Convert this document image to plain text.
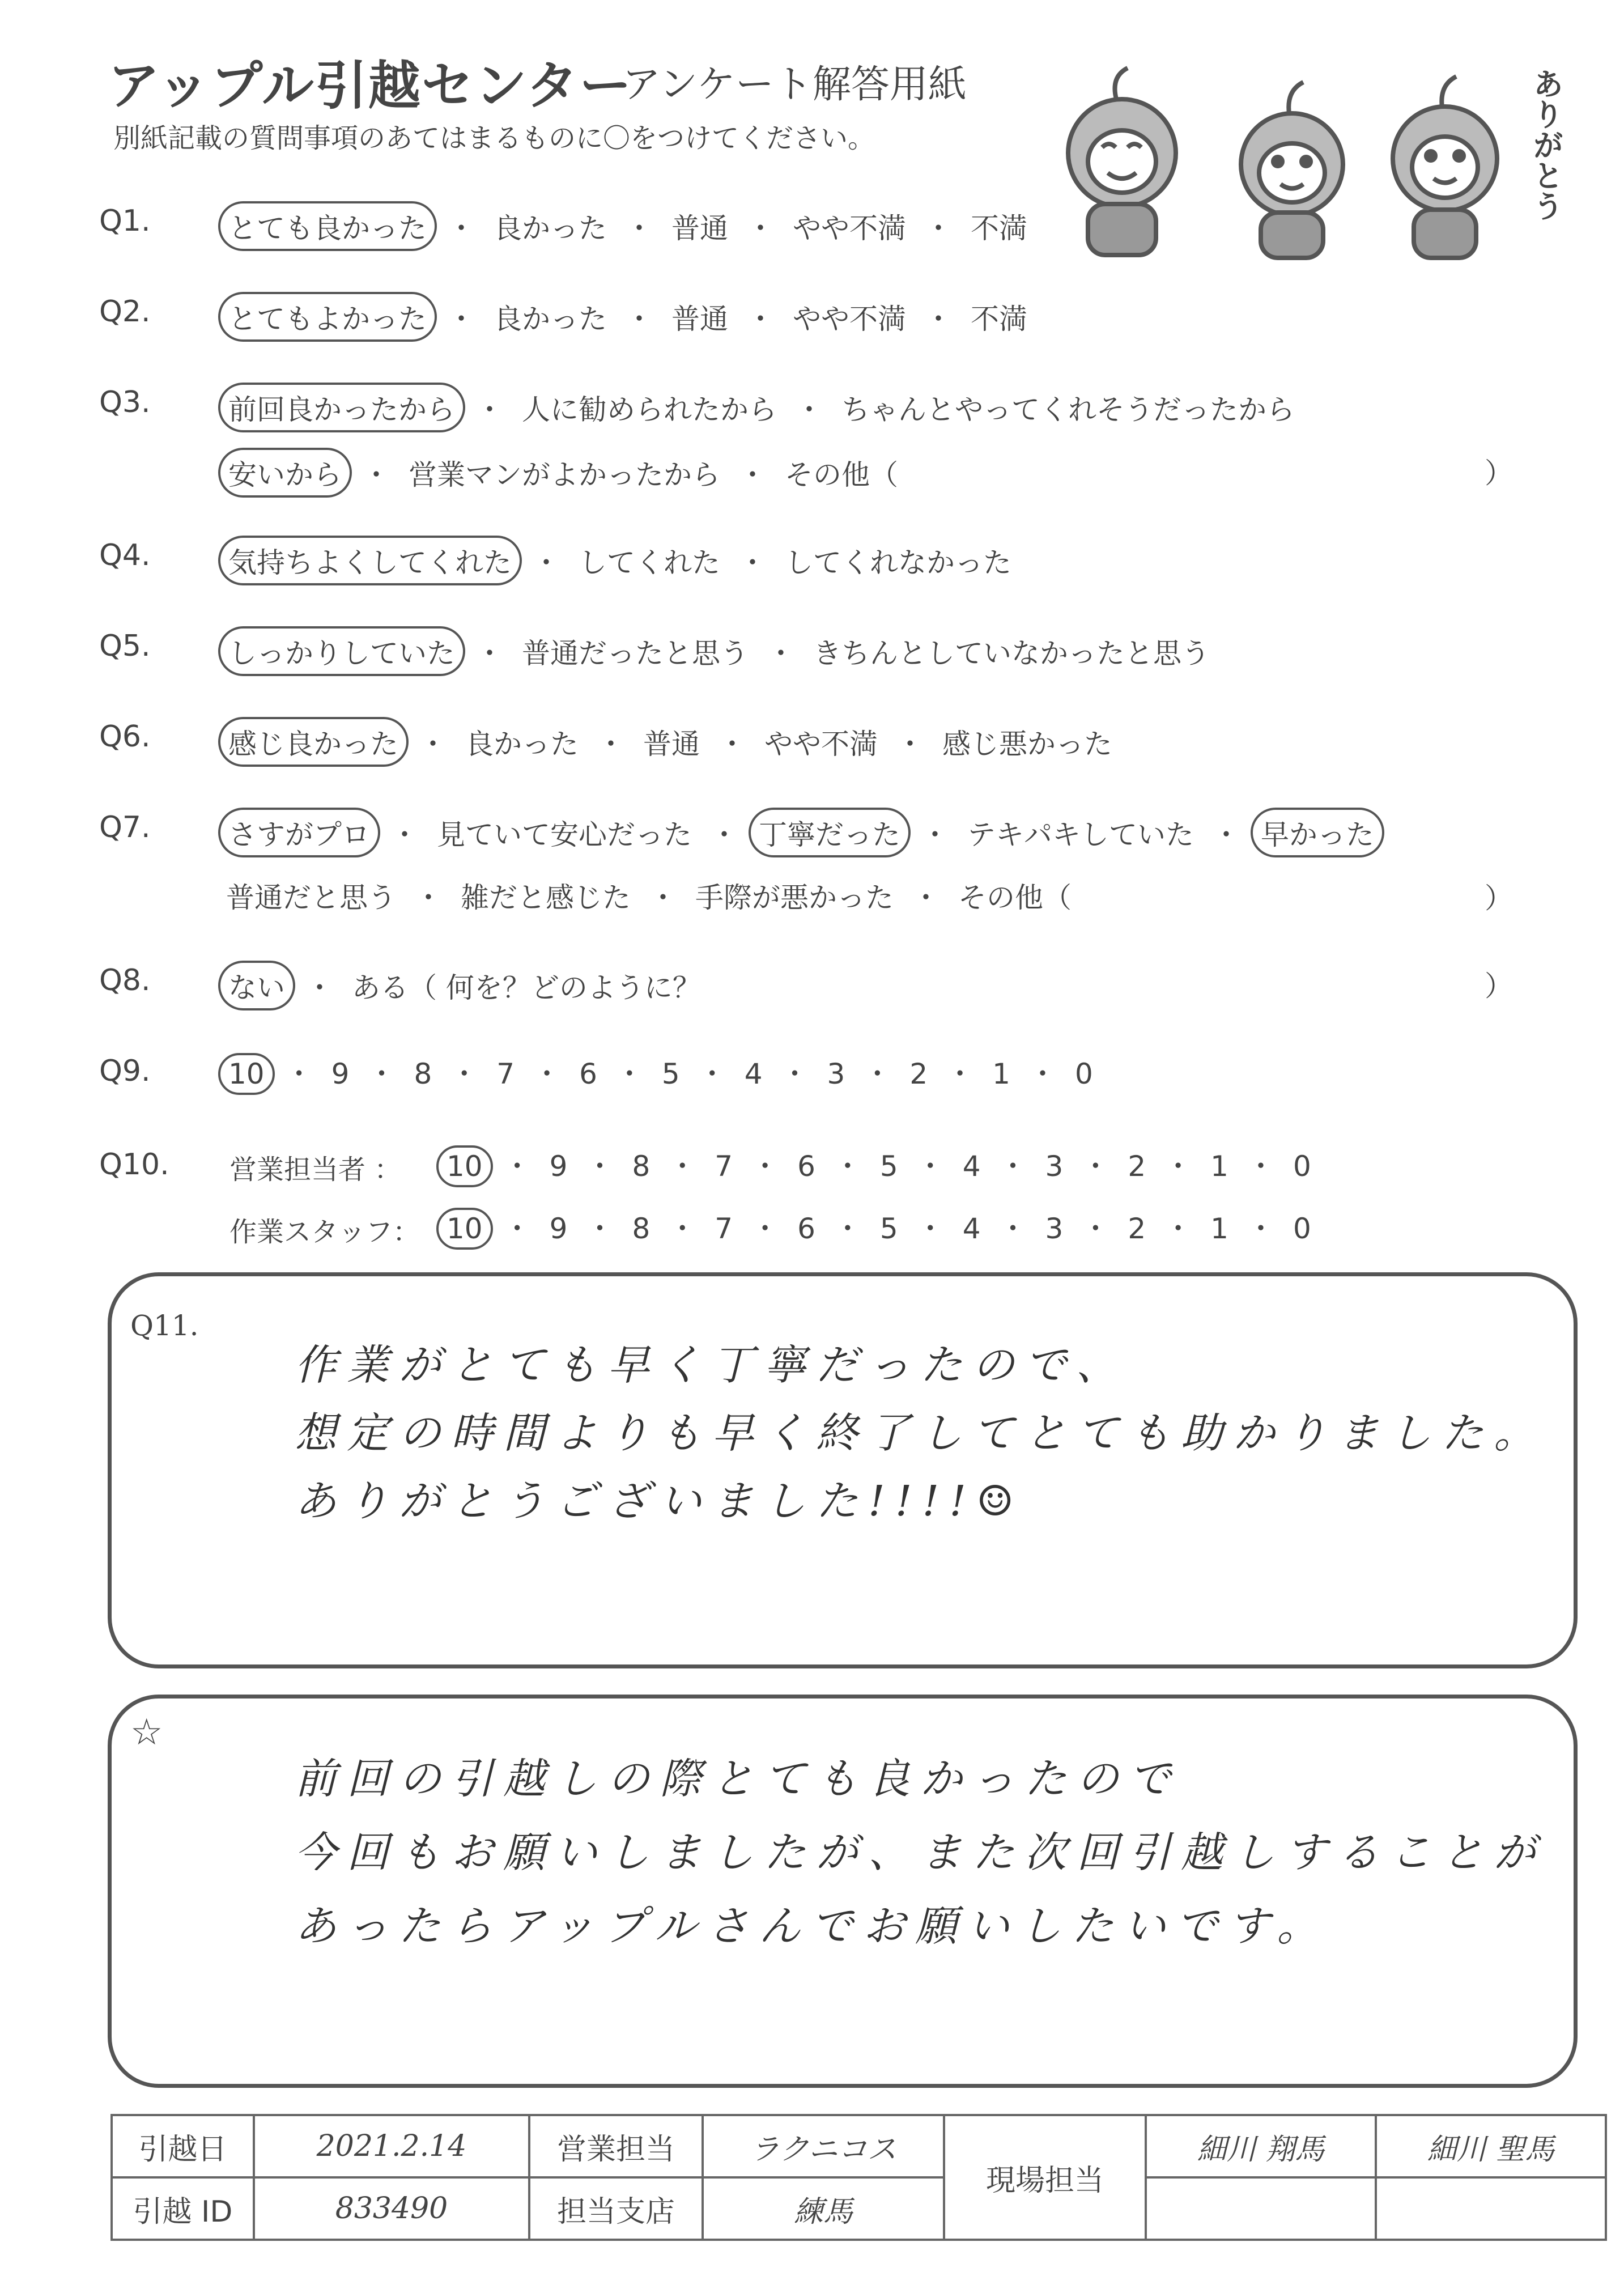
アップル引越センター
アンケート解答用紙
別紙記載の質問事項のあてはまるものに〇をつけてください。	ありがとう
Q1.	とても良かった ・ 良かった ・ 普通 ・ やや不満 ・ 不満
Q2.	とてもよかった ・ 良かった ・ 普通 ・ やや不満 ・ 不満
Q3.	前回良かったから ・ 人に勧められたから ・ ちゃんとやってくれそうだったから
安いから ・ 営業マンがよかったから ・ その他（	）
Q4.	気持ちよくしてくれた ・ してくれた ・ してくれなかった
Q5.	しっかりしていた ・ 普通だったと思う ・ きちんとしていなかったと思う
Q6.	感じ良かった ・ 良かった ・ 普通 ・ やや不満 ・ 感じ悪かった
Q7.	さすがプロ ・ 見ていて安心だった ・ 丁寧だった ・ テキパキしていた ・ 早かった
普通だと思う ・ 雑だと感じた ・ 手際が悪かった ・ その他（	）
Q8.	ない ・ ある（ 何を？どのように？	）
Q9.	10 ・ 9 ・ 8 ・ 7 ・ 6 ・ 5 ・ 4 ・ 3 ・ 2 ・ 1 ・ 0
Q10. 営業担当者 ：	10 ・ 9 ・ 8 ・ 7 ・ 6 ・ 5 ・ 4 ・ 3 ・ 2 ・ 1 ・ 0
作業スタッフ： 10 ・ 9 ・ 8 ・ 7 ・ 6 ・ 5 ・ 4 ・ 3 ・ 2 ・ 1 ・ 0
Q11.
作業がとても早く丁寧だったので、
想定の時間よりも早く終了してとても助かりました。
ありがとうございました!!!!☺
☆
前回の引越しの際とても良かったので
今回もお願いしましたが、また次回引越しすることが
あったらアップルさんでお願いしたいです。
引越日	2021.2.14	営業担当	ラクニコス	現場担当	細川 翔馬	細川 聖馬
引越 ID	833490	担当支店	練馬			
